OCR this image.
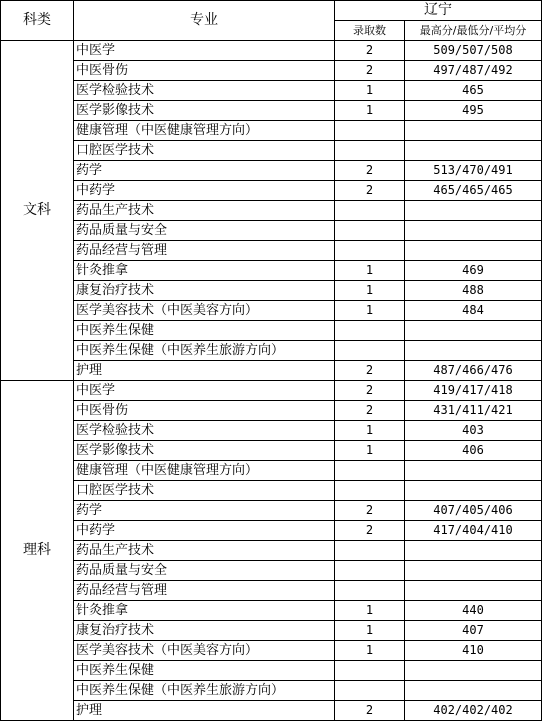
科类	专业	辽宁	
		录取数	最高分/最低分/平均分
文科	中医学	2	509/507/508
	中医骨伤	2	497/487/492
	医学检验技术	1	465
	医学影像技术	1	495
	健康管理（中医健康管理方向）		
	口腔医学技术		
	药学	2	513/470/491
	中药学	2	465/465/465
	药品生产技术		
	药品质量与安全		
	药品经营与管理		
	针灸推拿	1	469
	康复治疗技术	1	488
	医学美容技术（中医美容方向）	1	484
	中医养生保健		
	中医养生保健（中医养生旅游方向）		
	护理	2	487/466/476
理科	中医学	2	419/417/418
	中医骨伤	2	431/411/421
	医学检验技术	1	403
	医学影像技术	1	406
	健康管理（中医健康管理方向）		
	口腔医学技术		
	药学	2	407/405/406
	中药学	2	417/404/410
	药品生产技术		
	药品质量与安全		
	药品经营与管理		
	针灸推拿	1	440
	康复治疗技术	1	407
	医学美容技术（中医美容方向）	1	410
	中医养生保健		
	中医养生保健（中医养生旅游方向）		
	护理	2	402/402/402
